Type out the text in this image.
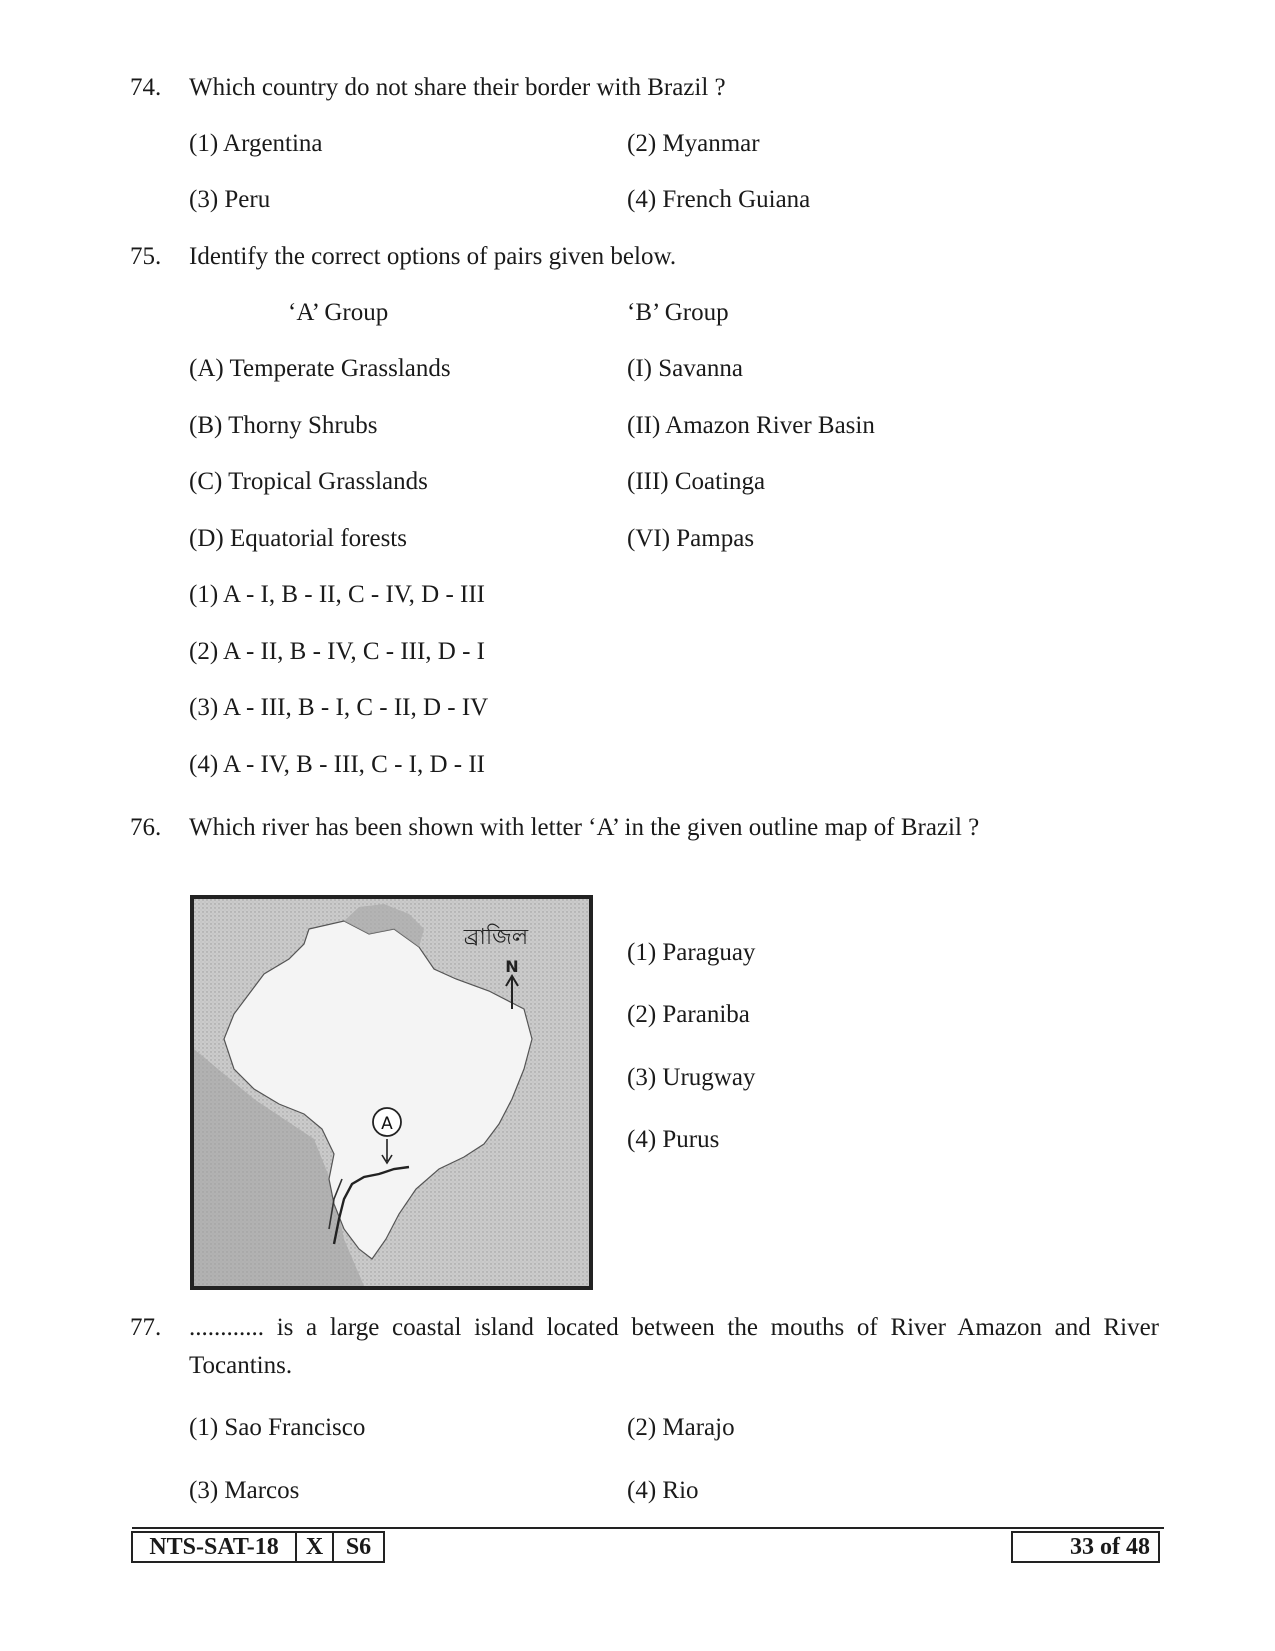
74. Which country do not share their border with Brazil ?
(1) Argentina	(2) Myanmar
(3) Peru	(4) French Guiana
75. Identify the correct options of pairs given below.
‘A’ Group	‘B’ Group
(A) Temperate Grasslands	(I) Savanna
(B) Thorny Shrubs	(II) Amazon River Basin
(C) Tropical Grasslands	(III) Coatinga
(D) Equatorial forests	(VI) Pampas
(1) A - I, B - II, C - IV, D - III
(2) A - II, B - IV, C - III, D - I
(3) A - III, B - I, C - II, D - IV
(4) A - IV, B - III, C - I, D - II
76. Which river has been shown with letter ‘A’ in the given outline map of Brazil ?
A
ব্রাজিল
N
(1) Paraguay
(2) Paraniba
(3) Urugway
(4) Purus
77. ............ is a large coastal island located between the mouths of River Amazon and River
Tocantins.
(1) Sao Francisco	(2) Marajo
(3) Marcos	(4) Rio
NTS-SAT-18	X S6	33 of 48
